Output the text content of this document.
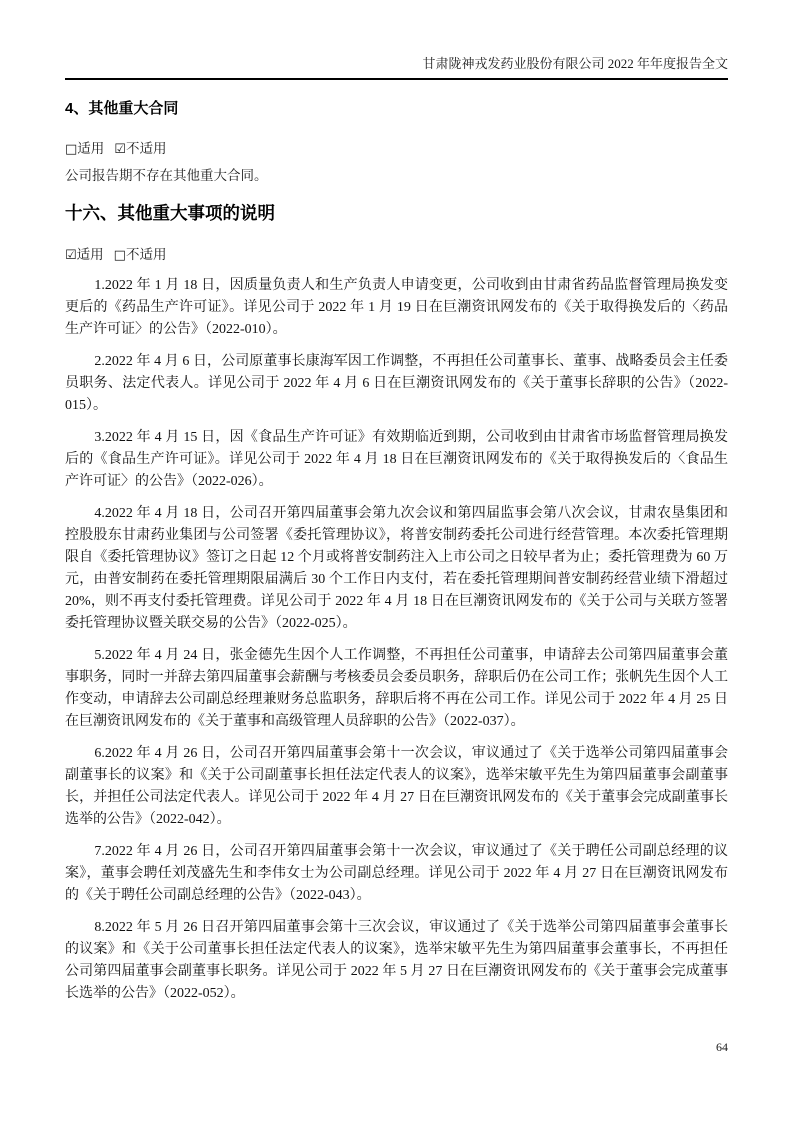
甘肃陇神戎发药业股份有限公司 2022 年年度报告全文
4、其他重大合同
□适用 ☑不适用

公司报告期不存在其他重大合同。

十六、其他重大事项的说明
☑适用 □不适用

1.2022 年 1 月 18 日，因质量负责人和生产负责人申请变更，公司收到由甘肃省药品监督管理局换发变更后的《药品生产许可证》。详见公司于 2022 年 1 月 19 日在巨潮资讯网发布的《关于取得换发后的〈药品生产许可证〉的公告》（2022-010）。

2.2022 年 4 月 6 日，公司原董事长康海军因工作调整，不再担任公司董事长、董事、战略委员会主任委员职务、法定代表人。详见公司于 2022 年 4 月 6 日在巨潮资讯网发布的《关于董事长辞职的公告》（2022-015）。

3.2022 年 4 月 15 日，因《食品生产许可证》有效期临近到期，公司收到由甘肃省市场监督管理局换发后的《食品生产许可证》。详见公司于 2022 年 4 月 18 日在巨潮资讯网发布的《关于取得换发后的〈食品生产许可证〉的公告》（2022-026）。

4.2022 年 4 月 18 日，公司召开第四届董事会第九次会议和第四届监事会第八次会议，甘肃农垦集团和控股股东甘肃药业集团与公司签署《委托管理协议》，将普安制药委托公司进行经营管理。本次委托管理期限自《委托管理协议》签订之日起 12 个月或将普安制药注入上市公司之日较早者为止；委托管理费为 60 万元，由普安制药在委托管理期限届满后 30 个工作日内支付，若在委托管理期间普安制药经营业绩下滑超过 20%，则不再支付委托管理费。详见公司于 2022 年 4 月 18 日在巨潮资讯网发布的《关于公司与关联方签署委托管理协议暨关联交易的公告》（2022-025）。

5.2022 年 4 月 24 日，张金德先生因个人工作调整，不再担任公司董事，申请辞去公司第四届董事会董事职务，同时一并辞去第四届董事会薪酬与考核委员会委员职务，辞职后仍在公司工作；张帆先生因个人工作变动，申请辞去公司副总经理兼财务总监职务，辞职后将不再在公司工作。详见公司于 2022 年 4 月 25 日在巨潮资讯网发布的《关于董事和高级管理人员辞职的公告》（2022-037）。

6.2022 年 4 月 26 日，公司召开第四届董事会第十一次会议，审议通过了《关于选举公司第四届董事会副董事长的议案》和《关于公司副董事长担任法定代表人的议案》，选举宋敏平先生为第四届董事会副董事长，并担任公司法定代表人。详见公司于 2022 年 4 月 27 日在巨潮资讯网发布的《关于董事会完成副董事长选举的公告》（2022-042）。

7.2022 年 4 月 26 日，公司召开第四届董事会第十一次会议，审议通过了《关于聘任公司副总经理的议案》，董事会聘任刘茂盛先生和李伟女士为公司副总经理。详见公司于 2022 年 4 月 27 日在巨潮资讯网发布的《关于聘任公司副总经理的公告》（2022-043）。

8.2022 年 5 月 26 日召开第四届董事会第十三次会议，审议通过了《关于选举公司第四届董事会董事长的议案》和《关于公司董事长担任法定代表人的议案》，选举宋敏平先生为第四届董事会董事长，不再担任公司第四届董事会副董事长职务。详见公司于 2022 年 5 月 27 日在巨潮资讯网发布的《关于董事会完成董事长选举的公告》（2022-052）。

64
